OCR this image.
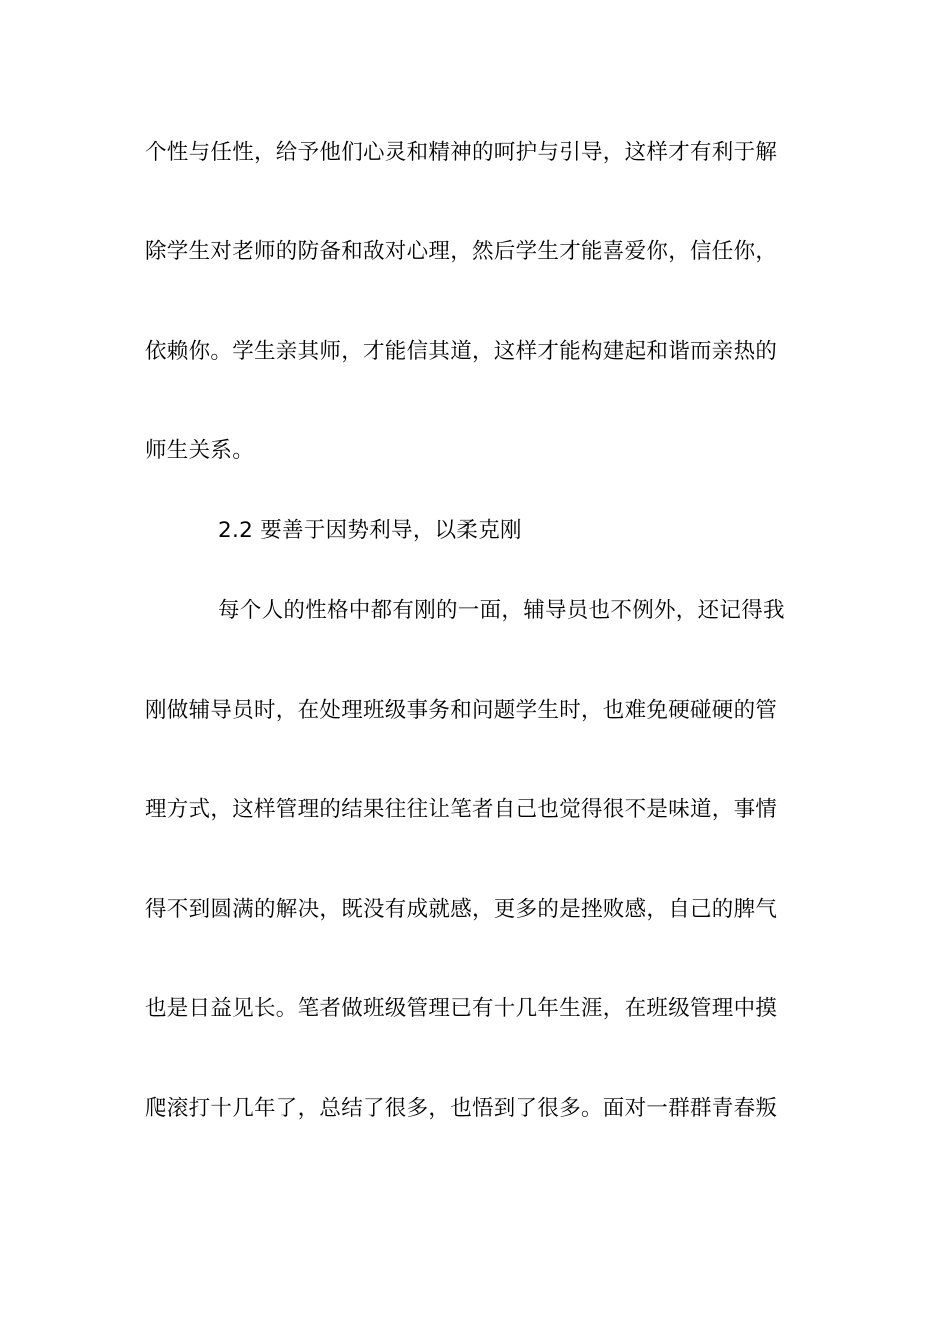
个性与任性，给予他们心灵和精神的呵护与引导，这样才有利于解
除学生对老师的防备和敌对心理，然后学生才能喜爱你，信任你，
依赖你。学生亲其师，才能信其道，这样才能构建起和谐而亲热的
师生关系。
2.2 要善于因势利导，以柔克刚
每个人的性格中都有刚的一面，辅导员也不例外，还记得我
刚做辅导员时，在处理班级事务和问题学生时，也难免硬碰硬的管
理方式，这样管理的结果往往让笔者自己也觉得很不是味道，事情
得不到圆满的解决，既没有成就感，更多的是挫败感，自己的脾气
也是日益见长。笔者做班级管理已有十几年生涯，在班级管理中摸
爬滚打十几年了，总结了很多，也悟到了很多。面对一群群青春叛
